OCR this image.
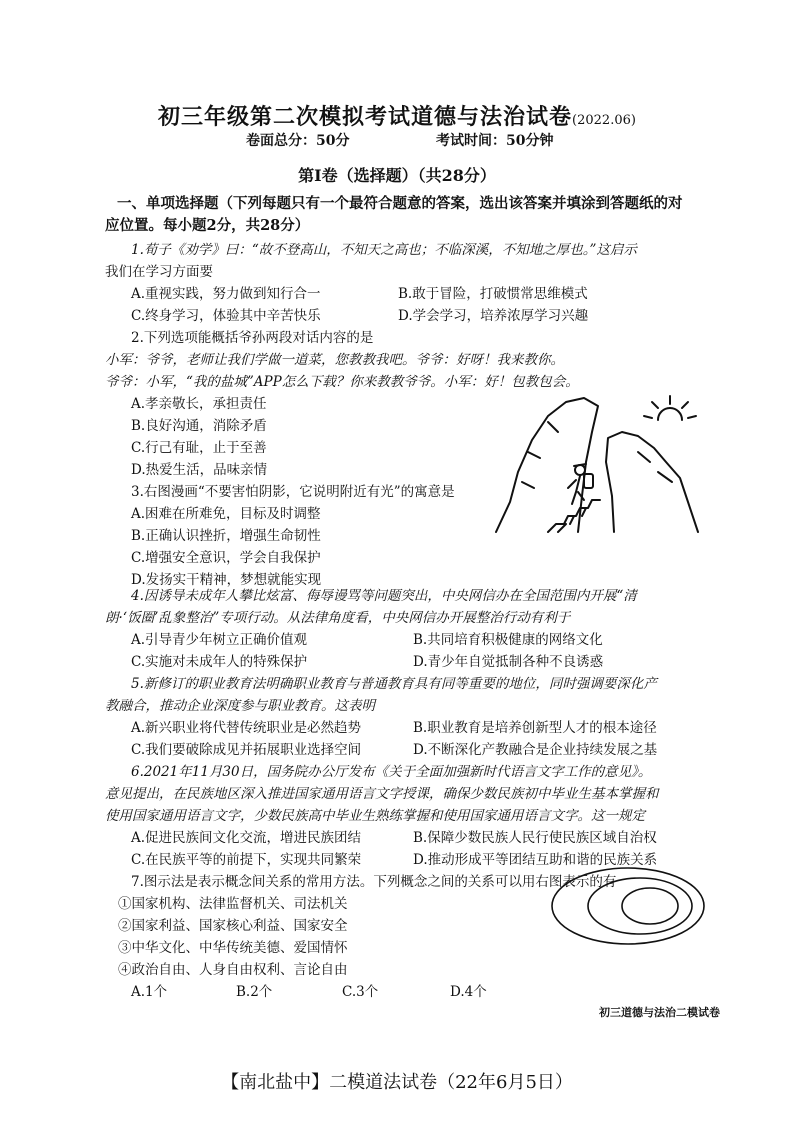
初三年级第二次模拟考试道德与法治试卷(2022.06)
卷面总分：50分	考试时间：50分钟
第Ⅰ卷（选择题）（共28分）
一、单项选择题（下列每题只有一个最符合题意的答案，选出该答案并填涂到答题纸的对
应位置。每小题2分，共28分）
1.荀子《劝学》曰：“故不登高山，不知天之高也；不临深溪，不知地之厚也。”这启示
我们在学习方面要
A.重视实践，努力做到知行合一	B.敢于冒险，打破惯常思维模式
C.终身学习，体验其中辛苦快乐	D.学会学习，培养浓厚学习兴趣
2.下列选项能概括爷孙两段对话内容的是
小军：爷爷，老师让我们学做一道菜，您教教我吧。爷爷：好呀！我来教你。
爷爷：小军，“我的盐城”APP怎么下载？你来教教爷爷。小军：好！包教包会。
A.孝亲敬长，承担责任
B.良好沟通，消除矛盾
C.行己有耻，止于至善
D.热爱生活，品味亲情
3.右图漫画“不要害怕阴影，它说明附近有光”的寓意是
A.困难在所难免，目标及时调整
B.正确认识挫折，增强生命韧性
C.增强安全意识，学会自我保护
D.发扬实干精神，梦想就能实现
4.因诱导未成年人攀比炫富、侮辱谩骂等问题突出，中央网信办在全国范围内开展“清
朗·‘饭圈’乱象整治”专项行动。从法律角度看，中央网信办开展整治行动有利于
A.引导青少年树立正确价值观	B.共同培育积极健康的网络文化
C.实施对未成年人的特殊保护	D.青少年自觉抵制各种不良诱惑
5.新修订的职业教育法明确职业教育与普通教育具有同等重要的地位，同时强调要深化产
教融合，推动企业深度参与职业教育。这表明
A.新兴职业将代替传统职业是必然趋势	B.职业教育是培养创新型人才的根本途径
C.我们要破除成见并拓展职业选择空间	D.不断深化产教融合是企业持续发展之基
6.2021年11月30日，国务院办公厅发布《关于全面加强新时代语言文字工作的意见》。
意见提出，在民族地区深入推进国家通用语言文字授课，确保少数民族初中毕业生基本掌握和
使用国家通用语言文字，少数民族高中毕业生熟练掌握和使用国家通用语言文字。这一规定
A.促进民族间文化交流，增进民族团结	B.保障少数民族人民行使民族区域自治权
C.在民族平等的前提下，实现共同繁荣	D.推动形成平等团结互助和谐的民族关系
7.图示法是表示概念间关系的常用方法。下列概念之间的关系可以用右图表示的有
①国家机构、法律监督机关、司法机关
②国家利益、国家核心利益、国家安全
③中华文化、中华传统美德、爱国情怀
④政治自由、人身自由权利、言论自由
A.1个	B.2个	C.3个	D.4个
初三道德与法治二模试卷
【南北盐中】二模道法试卷（22年6月5日）
